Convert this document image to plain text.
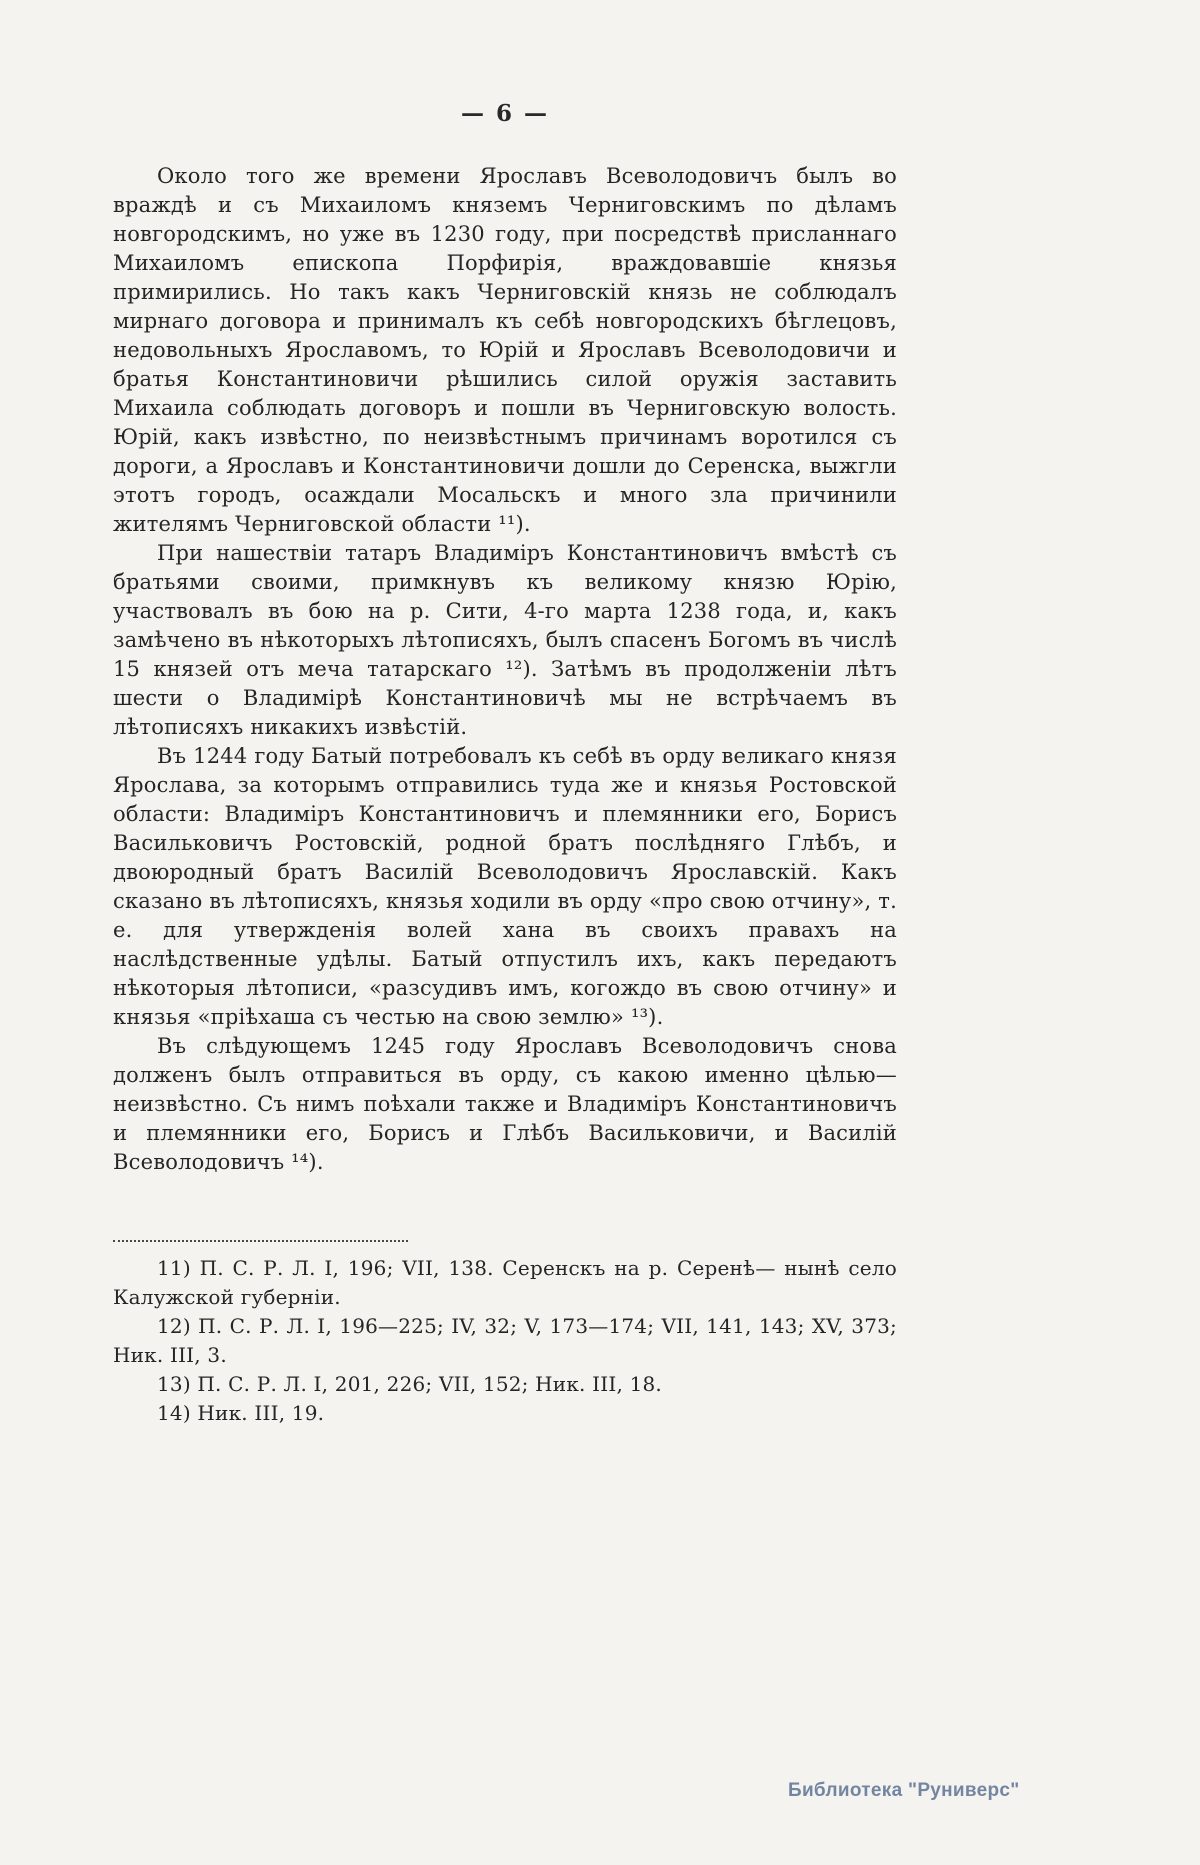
— 6 —

Около того же времени Ярославъ Всеволодовичъ былъ во враждѣ и съ Михаиломъ княземъ Черниговскимъ по дѣламъ новгородскимъ, но уже въ 1230 году, при посредствѣ присланнаго Михаиломъ епископа Порфирія, враждовавшіе князья примирились. Но такъ какъ Черниговскій князь не соблюдалъ мирнаго договора и принималъ къ себѣ новгородскихъ бѣглецовъ, недовольныхъ Ярославомъ, то Юрій и Ярославъ Всеволодовичи и братья Константиновичи рѣшились силой оружія заставить Михаила соблюдать договоръ и пошли въ Черниговскую волость. Юрій, какъ извѣстно, по неизвѣстнымъ причинамъ воротился съ дороги, а Ярославъ и Константиновичи дошли до Серенска, выжгли этотъ городъ, осаждали Мосальскъ и много зла причинили жителямъ Черниговской области ¹¹).

При нашествіи татаръ Владиміръ Константиновичъ вмѣстѣ съ братьями своими, примкнувъ къ великому князю Юрію, участвовалъ въ бою на р. Сити, 4-го марта 1238 года, и, какъ замѣчено въ нѣкоторыхъ лѣтописяхъ, былъ спасенъ Богомъ въ числѣ 15 князей отъ меча татарскаго ¹²). Затѣмъ въ продолженіи лѣтъ шести о Владимірѣ Константиновичѣ мы не встрѣчаемъ въ лѣтописяхъ никакихъ извѣстій.

Въ 1244 году Батый потребовалъ къ себѣ въ орду великаго князя Ярослава, за которымъ отправились туда же и князья Ростовской области: Владиміръ Константиновичъ и племянники его, Борисъ Васильковичъ Ростовскій, родной братъ послѣдняго Глѣбъ, и двоюродный братъ Василій Всеволодовичъ Ярославскій. Какъ сказано въ лѣтописяхъ, князья ходили въ орду «про свою отчину», т. е. для утвержденія волей хана въ своихъ правахъ на наслѣдственные удѣлы. Батый отпустилъ ихъ, какъ передаютъ нѣкоторыя лѣтописи, «разсудивъ имъ, когождо въ свою отчину» и князья «пріѣхаша съ честью на свою землю» ¹³).

Въ слѣдующемъ 1245 году Ярославъ Всеволодовичъ снова долженъ былъ отправиться въ орду, съ какою именно цѣлью— неизвѣстно. Съ нимъ поѣхали также и Владиміръ Константиновичъ и племянники его, Борисъ и Глѣбъ Васильковичи, и Василій Всеволодовичъ ¹⁴).

11) П. С. Р. Л. I, 196; VII, 138. Серенскъ на р. Серенѣ— нынѣ село Калужской губерніи.

12) П. С. Р. Л. I, 196—225; IV, 32; V, 173—174; VII, 141, 143; XV, 373; Ник. III, 3.

13) П. С. Р. Л. I, 201, 226; VII, 152; Ник. III, 18.

14) Ник. III, 19.

Библиотека "Руниверс"
